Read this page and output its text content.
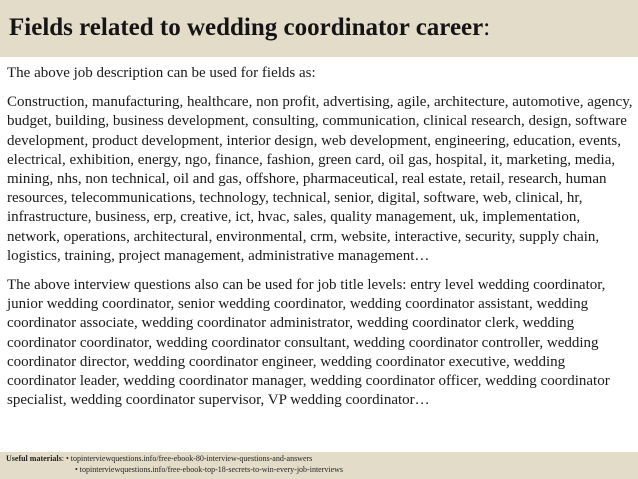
Fields related to wedding coordinator career:

The above job description can be used for fields as:

Construction, manufacturing, healthcare, non profit, advertising, agile, architecture, automotive, agency, budget, building, business development, consulting, communication, clinical research, design, software development, product development, interior design, web development, engineering, education, events, electrical, exhibition, energy, ngo, finance, fashion, green card, oil gas, hospital, it, marketing, media, mining, nhs, non technical, oil and gas, offshore, pharmaceutical, real estate, retail, research, human resources, telecommunications, technology, technical, senior, digital, software, web, clinical, hr, infrastructure, business, erp, creative, ict, hvac, sales, quality management, uk, implementation, network, operations, architectural, environmental, crm, website, interactive, security, supply chain, logistics, training, project management, administrative management…

The above interview questions also can be used for job title levels: entry level wedding coordinator, junior wedding coordinator, senior wedding coordinator, wedding coordinator assistant, wedding coordinator associate, wedding coordinator administrator, wedding coordinator clerk, wedding coordinator coordinator, wedding coordinator consultant, wedding coordinator controller, wedding coordinator director, wedding coordinator engineer, wedding coordinator executive, wedding coordinator leader, wedding coordinator manager, wedding coordinator officer, wedding coordinator specialist, wedding coordinator supervisor, VP wedding coordinator…

Useful materials: • topinterviewquestions.info/free-ebook-80-interview-questions-and-answers
• topinterviewquestions.info/free-ebook-top-18-secrets-to-win-every-job-interviews
